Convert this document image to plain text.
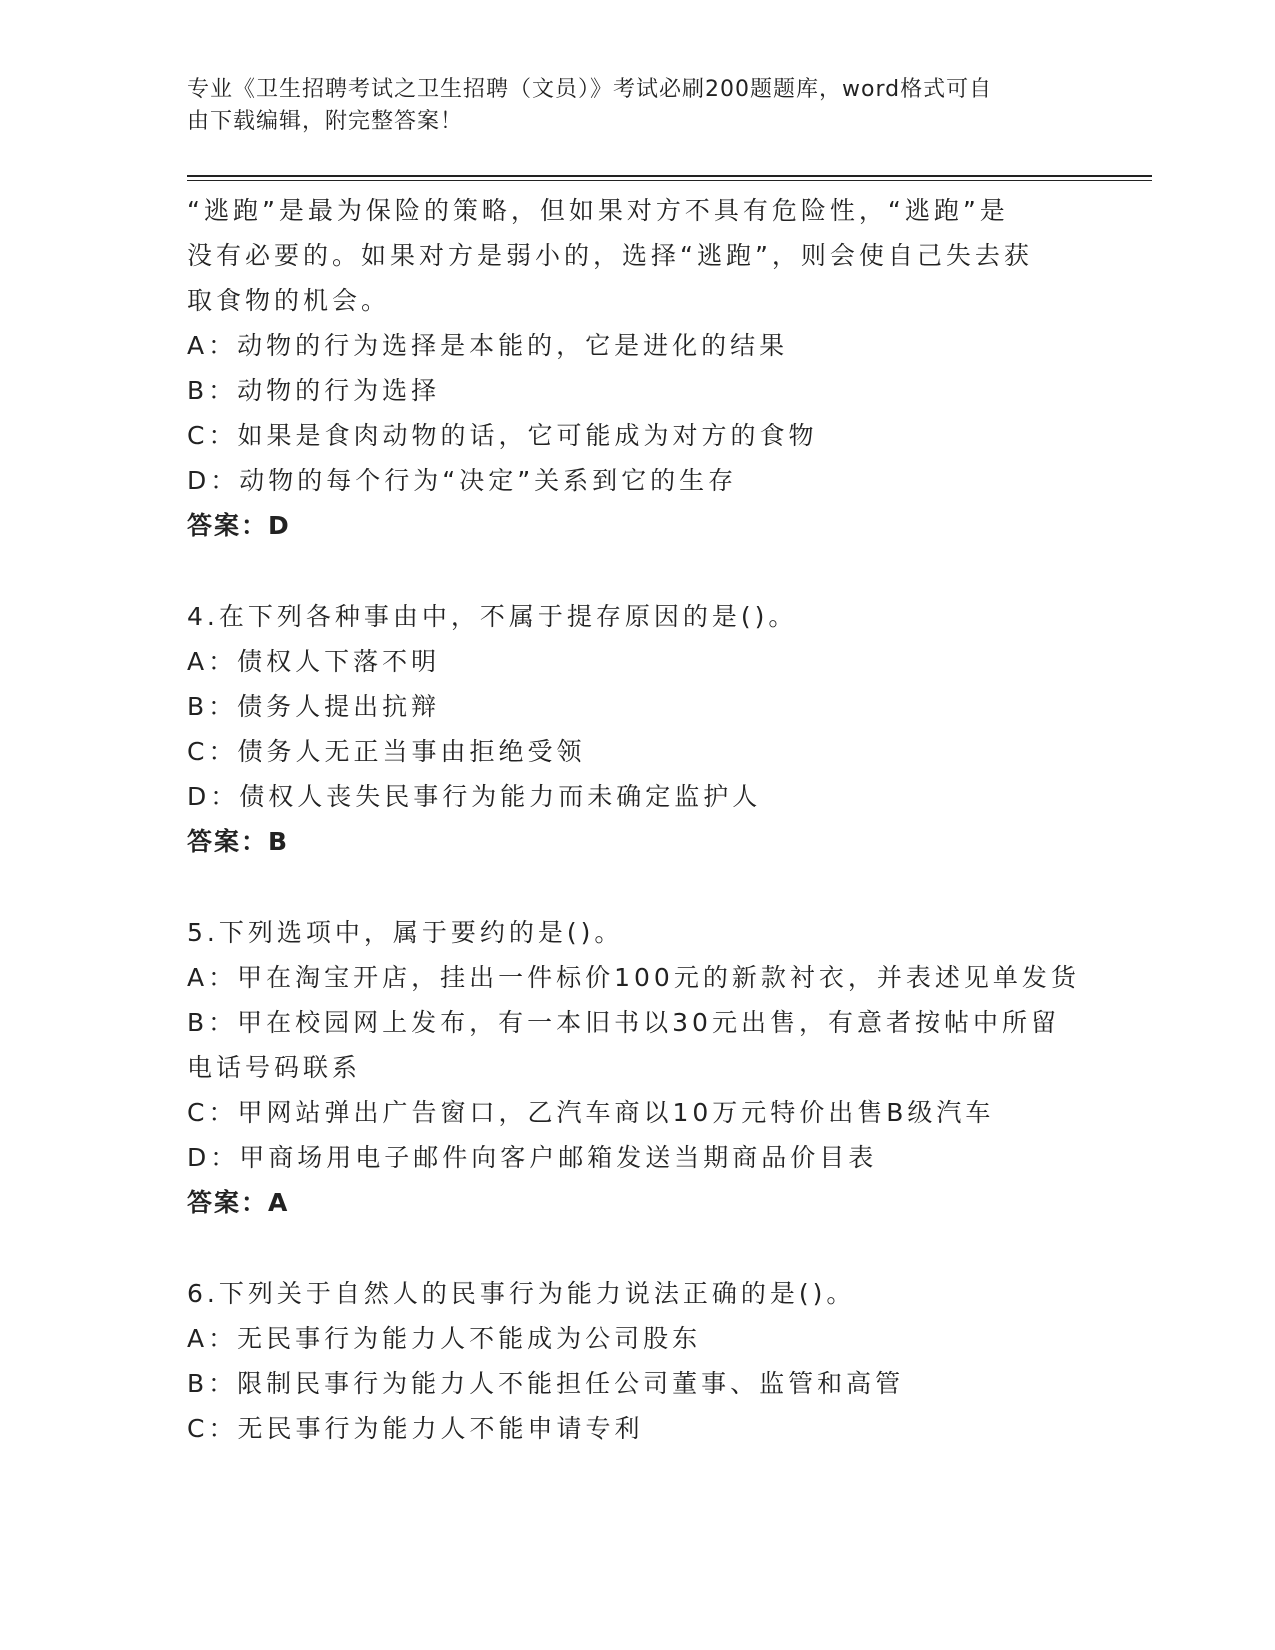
专业《卫生招聘考试之卫生招聘（文员）》考试必刷200题题库，word格式可自
由下载编辑，附完整答案！
“逃跑”是最为保险的策略，但如果对方不具有危险性，“逃跑”是
没有必要的。如果对方是弱小的，选择“逃跑”，则会使自己失去获
取食物的机会。
A：动物的行为选择是本能的，它是进化的结果
B：动物的行为选择
C：如果是食肉动物的话，它可能成为对方的食物
D：动物的每个行为“决定”关系到它的生存
答案：D
4.在下列各种事由中，不属于提存原因的是()。
A：债权人下落不明
B：债务人提出抗辩
C：债务人无正当事由拒绝受领
D：债权人丧失民事行为能力而未确定监护人
答案：B
5.下列选项中，属于要约的是()。
A：甲在淘宝开店，挂出一件标价100元的新款衬衣，并表述见单发货
B：甲在校园网上发布，有一本旧书以30元出售，有意者按帖中所留
电话号码联系
C：甲网站弹出广告窗口，乙汽车商以10万元特价出售B级汽车
D：甲商场用电子邮件向客户邮箱发送当期商品价目表
答案：A
6.下列关于自然人的民事行为能力说法正确的是()。
A：无民事行为能力人不能成为公司股东
B：限制民事行为能力人不能担任公司董事、监管和高管
C：无民事行为能力人不能申请专利
